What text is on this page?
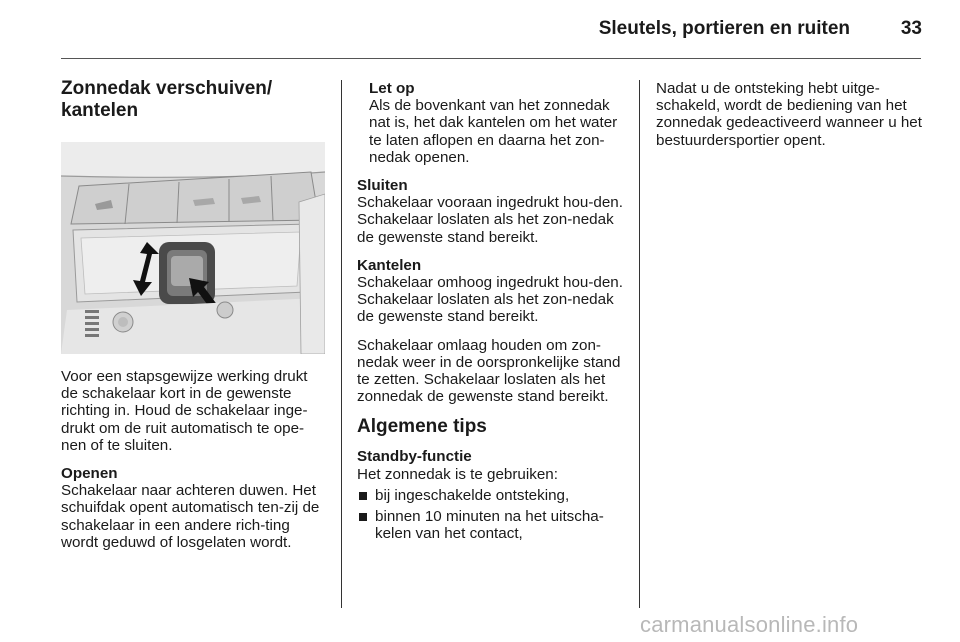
Sleutels, portieren en ruiten	33
Zonnedak verschuiven/
kantelen

Voor een stapsgewijze werking drukt de schakelaar kort in de gewenste richting in. Houd de schakelaar inge-drukt om de ruit automatisch te ope-nen of te sluiten.

Openen
Schakelaar naar achteren duwen. Het schuifdak opent automatisch ten-zij de schakelaar in een andere rich-ting wordt geduwd of losgelaten wordt.

Let op
Als de bovenkant van het zonnedak nat is, het dak kantelen om het water te laten aflopen en daarna het zon-nedak openen.

Sluiten
Schakelaar vooraan ingedrukt hou-den. Schakelaar loslaten als het zon-nedak de gewenste stand bereikt.

Kantelen
Schakelaar omhoog ingedrukt hou-den. Schakelaar loslaten als het zon-nedak de gewenste stand bereikt.

Schakelaar omlaag houden om zon-nedak weer in de oorspronkelijke stand te zetten. Schakelaar loslaten als het zonnedak de gewenste stand bereikt.

Algemene tips

Standby-functie
Het zonnedak is te gebruiken:

bij ingeschakelde ontsteking,
binnen 10 minuten na het uitscha-kelen van het contact,

Nadat u de ontsteking hebt uitge-schakeld, wordt de bediening van het zonnedak gedeactiveerd wanneer u het bestuurdersportier opent.

carmanualsonline.info
